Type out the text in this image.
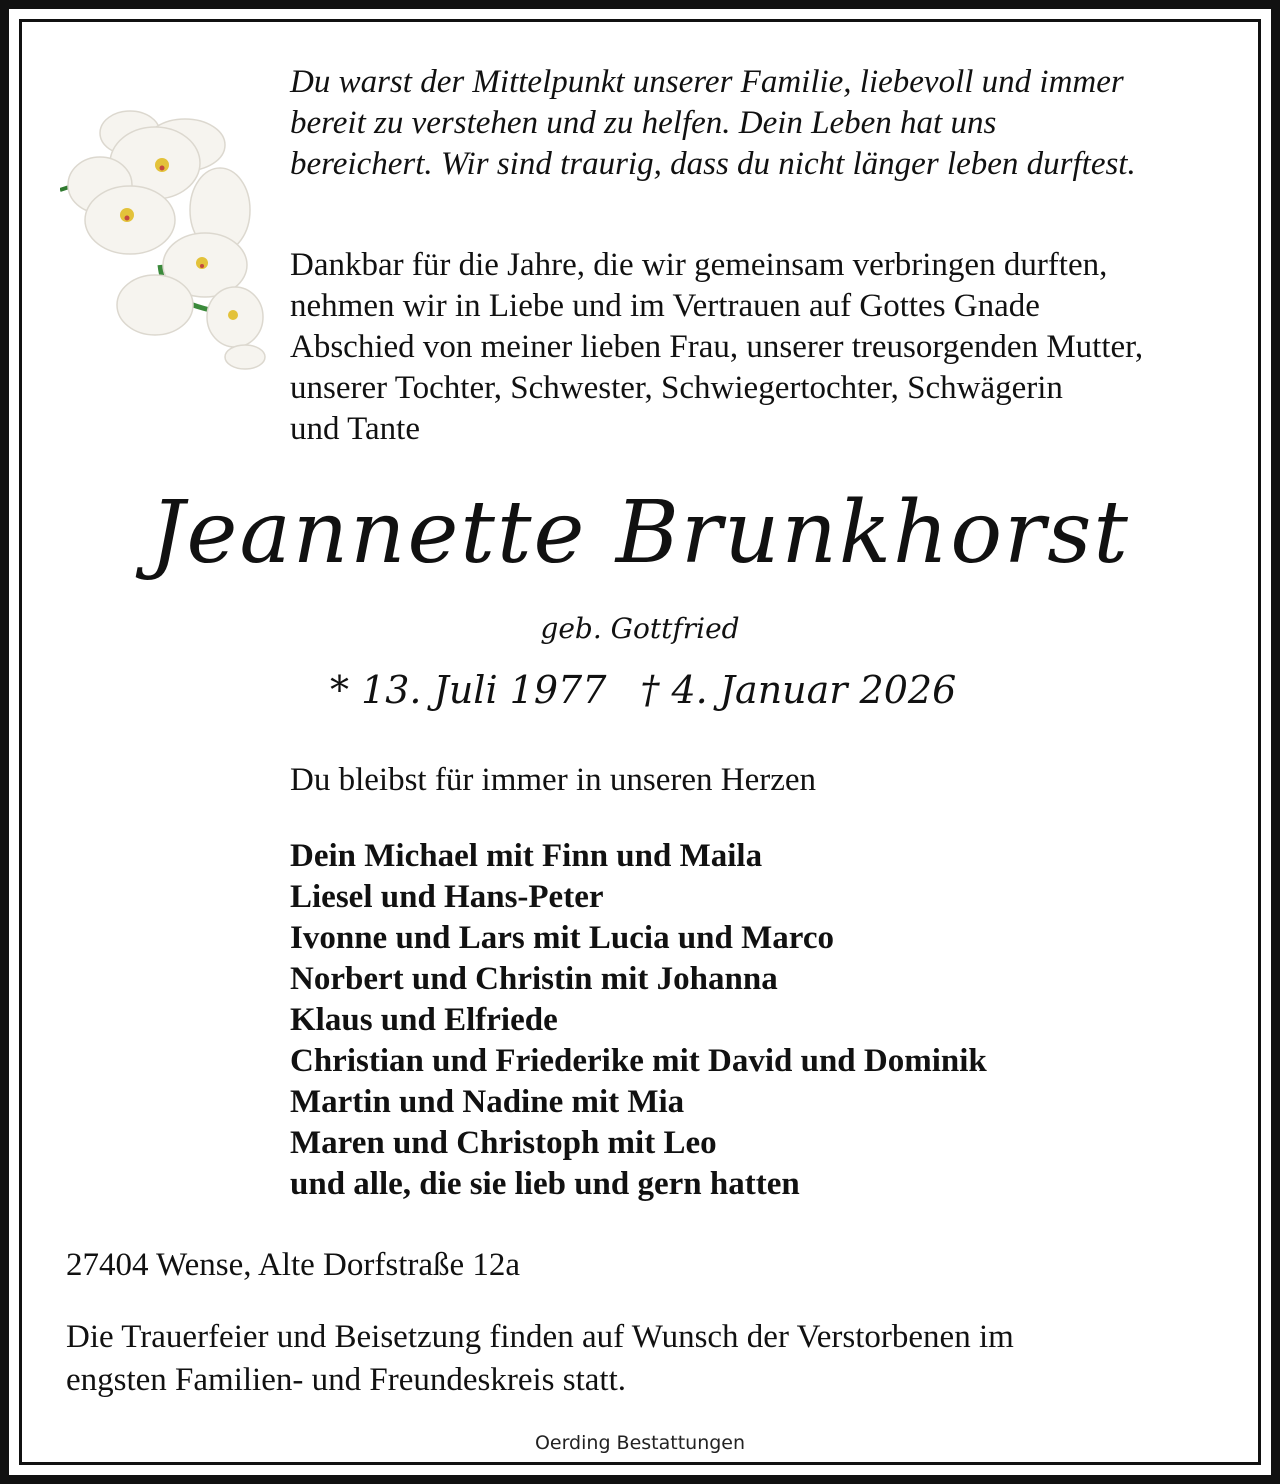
Du warst der Mittelpunkt unserer Familie, liebevoll und immer
bereit zu verstehen und zu helfen. Dein Leben hat uns
bereichert. Wir sind traurig, dass du nicht länger leben durftest.
Dankbar für die Jahre, die wir gemeinsam verbringen durften,
nehmen wir in Liebe und im Vertrauen auf Gottes Gnade
Abschied von meiner lieben Frau, unserer treusorgenden Mutter,
unserer Tochter, Schwester, Schwiegertochter, Schwägerin
und Tante
Jeannette Brunkhorst
geb. Gottfried
* 13. Juli 1977 † 4. Januar 2026
Du bleibst für immer in unseren Herzen
Dein Michael mit Finn und Maila
Liesel und Hans-Peter
Ivonne und Lars mit Lucia und Marco
Norbert und Christin mit Johanna
Klaus und Elfriede
Christian und Friederike mit David und Dominik
Martin und Nadine mit Mia
Maren und Christoph mit Leo
und alle, die sie lieb und gern hatten
27404 Wense, Alte Dorfstraße 12a
Die Trauerfeier und Beisetzung finden auf Wunsch der Verstorbenen im
engsten Familien- und Freundeskreis statt.
Oerding Bestattungen
